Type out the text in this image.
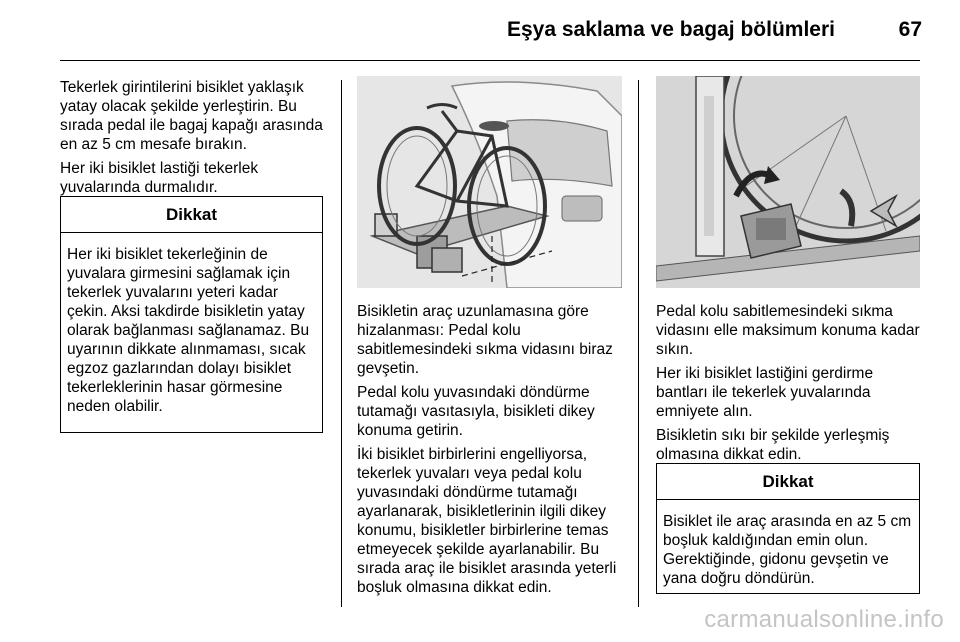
Eşya saklama ve bagaj bölümleri	67

Tekerlek girintilerini bisiklet yaklaşık yatay olacak şekilde yerleştirin. Bu sırada pedal ile bagaj kapağı arasında en az 5 cm mesafe bırakın.

Her iki bisiklet lastiği tekerlek yuvalarında durmalıdır.

Dikkat
Her iki bisiklet tekerleğinin de yuvalara girmesini sağlamak için tekerlek yuvalarını yeteri kadar çekin. Aksi takdirde bisikletin yatay olarak bağlanması sağlanamaz. Bu uyarının dikkate alınmaması, sıcak egzoz gazlarından dolayı bisiklet tekerleklerinin hasar görmesine neden olabilir.

Bisikletin araç uzunlamasına göre hizalanması: Pedal kolu sabitlemesindeki sıkma vidasını biraz gevşetin.

Pedal kolu yuvasındaki döndürme tutamağı vasıtasıyla, bisikleti dikey konuma getirin.

İki bisiklet birbirlerini engelliyorsa, tekerlek yuvaları veya pedal kolu yuvasındaki döndürme tutamağı ayarlanarak, bisikletlerinin ilgili dikey konumu, bisikletler birbirlerine temas etmeyecek şekilde ayarlanabilir. Bu sırada araç ile bisiklet arasında yeterli boşluk olmasına dikkat edin.

Pedal kolu sabitlemesindeki sıkma vidasını elle maksimum konuma kadar sıkın.

Her iki bisiklet lastiğini gerdirme bantları ile tekerlek yuvalarında emniyete alın.

Bisikletin sıkı bir şekilde yerleşmiş olmasına dikkat edin.

Dikkat
Bisiklet ile araç arasında en az 5 cm boşluk kaldığından emin olun. Gerektiğinde, gidonu gevşetin ve yana doğru döndürün.
carmanualsonline.info
